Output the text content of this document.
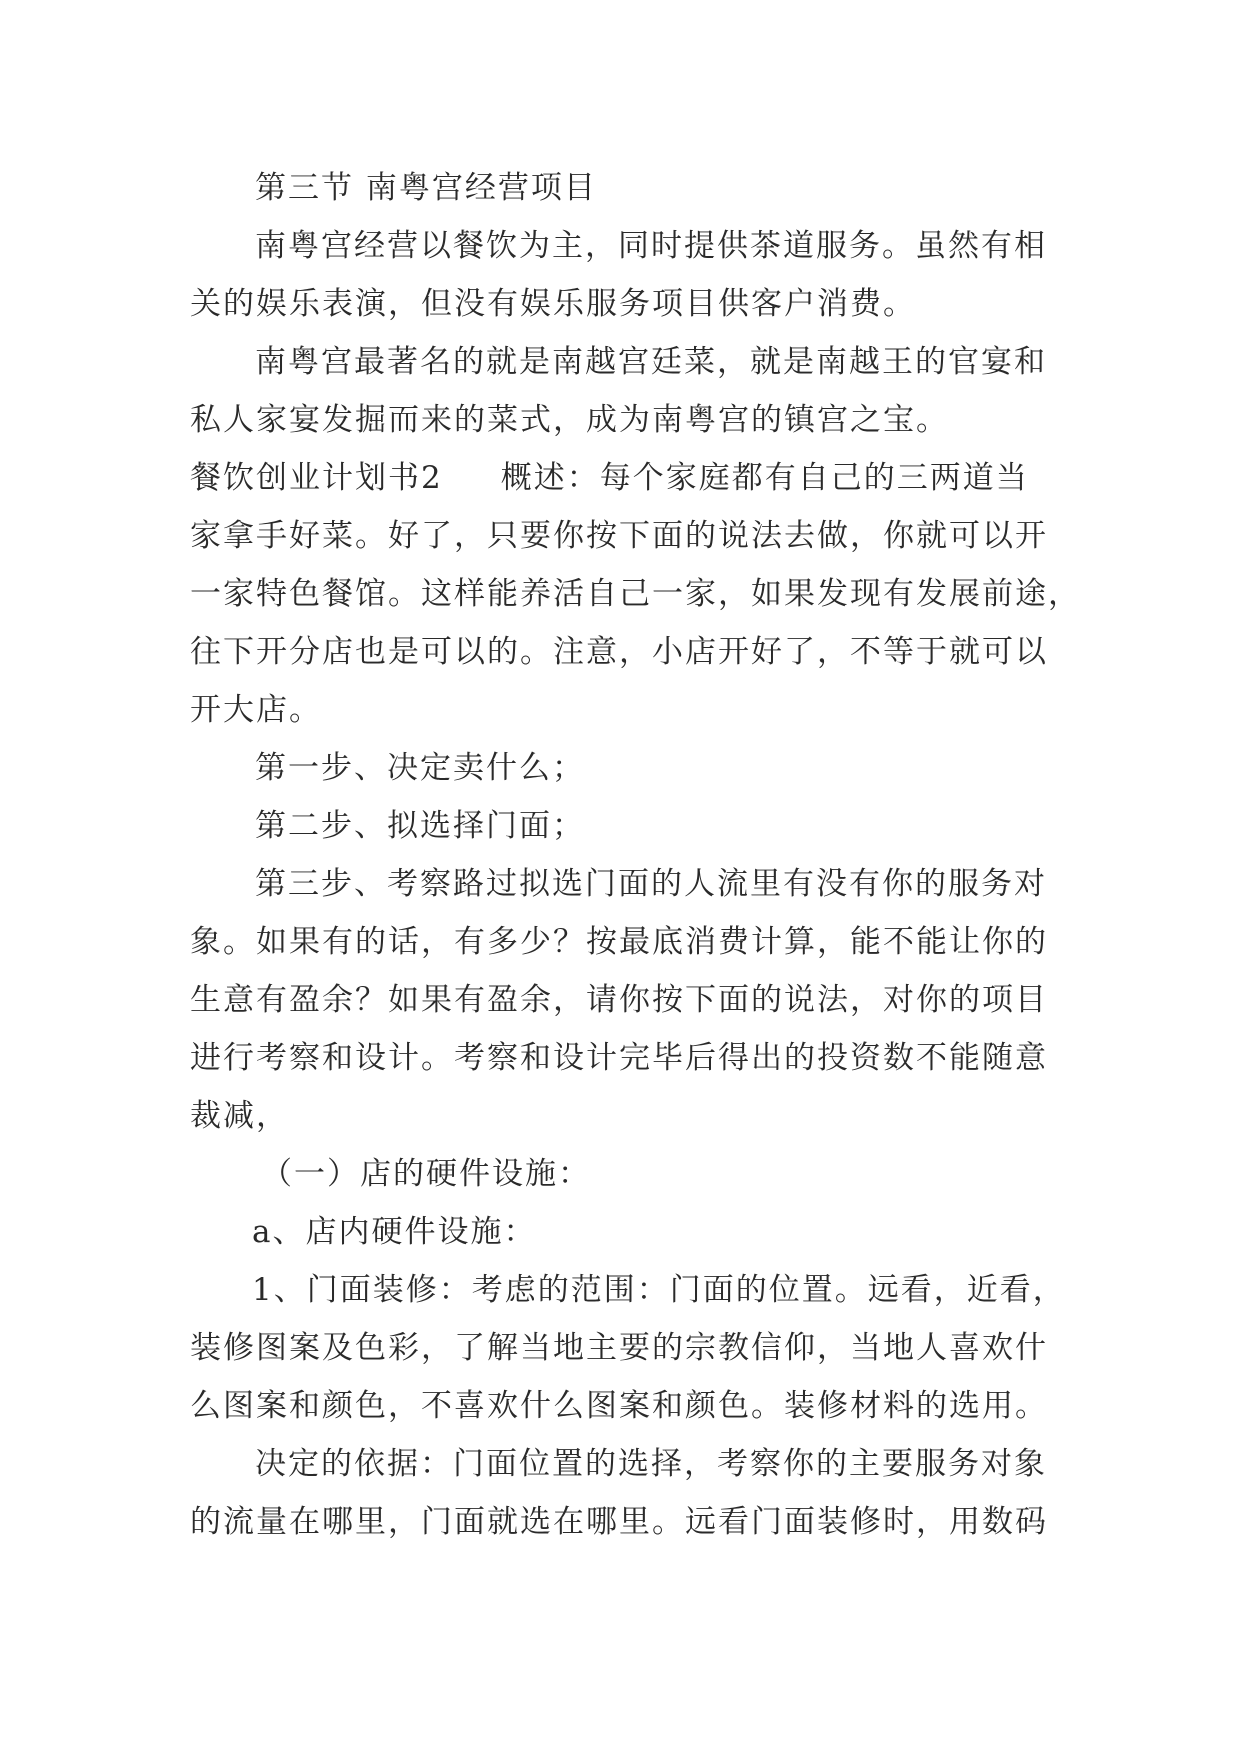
第三节 南粤宫经营项目
南粤宫经营以餐饮为主，同时提供茶道服务。虽然有相
关的娱乐表演，但没有娱乐服务项目供客户消费。
南粤宫最著名的就是南越宫廷菜，就是南越王的官宴和
私人家宴发掘而来的菜式，成为南粤宫的镇宫之宝。
餐饮创业计划书2 概述：每个家庭都有自己的三两道当
家拿手好菜。好了，只要你按下面的说法去做，你就可以开
一家特色餐馆。这样能养活自己一家，如果发现有发展前途，
往下开分店也是可以的。注意，小店开好了，不等于就可以
开大店。
第一步、决定卖什么；
第二步、拟选择门面；
第三步、考察路过拟选门面的人流里有没有你的服务对
象。如果有的话，有多少？按最底消费计算，能不能让你的
生意有盈余？如果有盈余，请你按下面的说法，对你的项目
进行考察和设计。考察和设计完毕后得出的投资数不能随意
裁减，
（一）店的硬件设施：
a、店内硬件设施：
1、门面装修：考虑的范围：门面的位置。远看，近看，
装修图案及色彩，了解当地主要的宗教信仰，当地人喜欢什
么图案和颜色，不喜欢什么图案和颜色。装修材料的选用。
决定的依据：门面位置的选择，考察你的主要服务对象
的流量在哪里，门面就选在哪里。远看门面装修时，用数码
